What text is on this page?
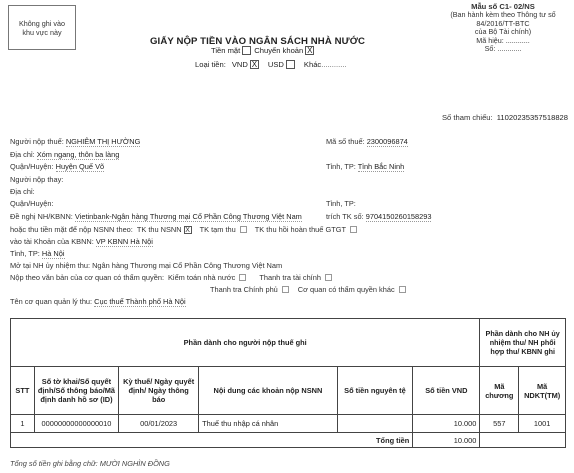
Không ghi vào
khu vực này
Mẫu số C1- 02/NS
(Ban hành kèm theo Thông tư số
84/2016/TT-BTC
của Bộ Tài chính)
Mã hiệu: ............
Số: ............
GIẤY NỘP TIỀN VÀO NGÂN SÁCH NHÀ NƯỚC
Tiền mặt Chuyển khoản X
Loại tiền: VND X USD	Khác ............
Số tham chiếu: 11020235357518828
Người nộp thuế: NGHIÊM THỊ HƯỜNG	Mã số thuế: 2300096874
Địa chỉ: Xóm ngang, thôn ba làng
Quận/Huyện: Huyện Quế Võ	Tỉnh, TP: Tỉnh Bắc Ninh
Người nộp thay:
Địa chỉ:
Quận/Huyện:	Tỉnh, TP:
Đề nghị NH/KBNN: Vietinbank-Ngân hàng Thương mại Cổ Phần Công Thương Việt Nam	trích TK số: 9704150260158293
hoặc thu tiền mặt để nộp NSNN theo: TK thu NSNN X TK tạm thu	TK thu hồi hoàn thuế GTGT
vào tài Khoản của KBNN: VP KBNN Hà Nội
Tỉnh, TP: Hà Nội
Mở tại NH ủy nhiệm thu: Ngân hàng Thương mại Cổ Phần Công Thương Việt Nam
Nộp theo văn bản của cơ quan có thẩm quyền: Kiểm toán nhà nước	Thanh tra tài chính
Thanh tra Chính phủ	Cơ quan có thẩm quyền khác
Phần dành cho người nộp thuế ghi						Phần dành cho NH ủy nhiệm thu/ NH phối hợp thu/ KBNN ghi	
STT	Số tờ khai/Số quyết định/Số thông báo/Mã định danh hồ sơ (ID)	Kỳ thuế/ Ngày quyết định/ Ngày thông báo	Nội dung các khoản nộp NSNN	Số tiền nguyên tệ	Số tiền VND	Mã chương	Mã NDKT(TM)
1	00000000000000010	00/01/2023	Thuế thu nhập cá nhân		10.000	557	1001
Tổng tiền					10.000		
Tổng số tiền ghi bằng chữ: MƯỜI NGHÌN ĐỒNG
Tên cơ quan quản lý thu: Cục thuế Thành phố Hà Nội
